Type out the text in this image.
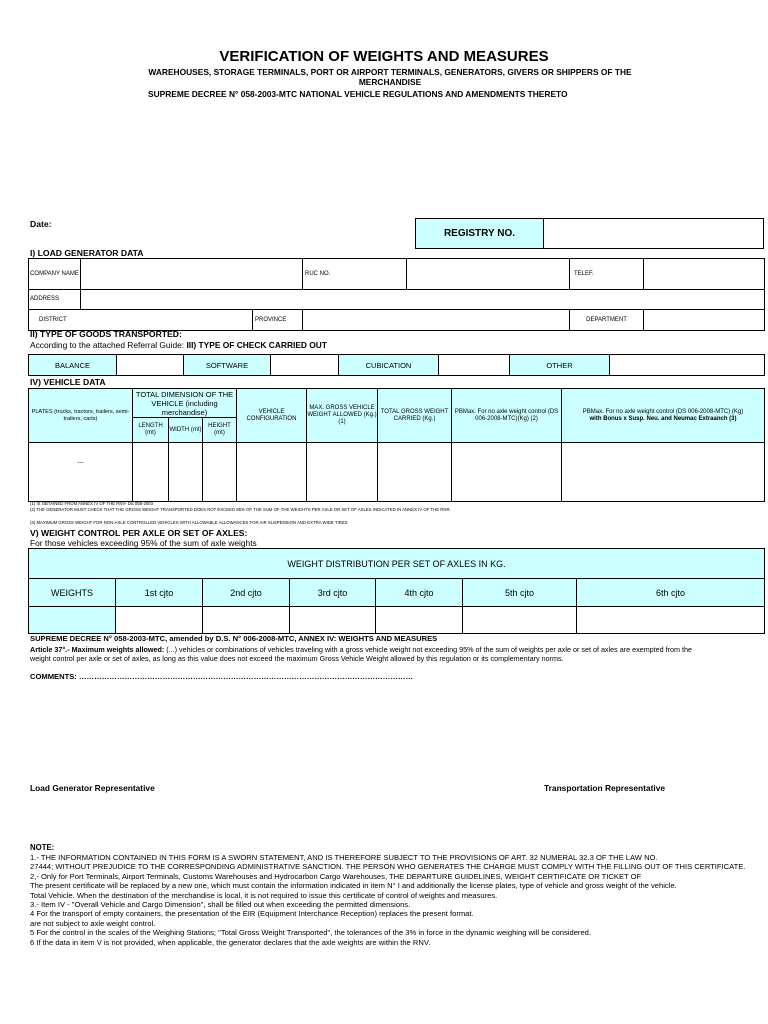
VERIFICATION OF WEIGHTS AND MEASURES
WAREHOUSES, STORAGE TERMINALS, PORT OR AIRPORT TERMINALS, GENERATORS, GIVERS OR SHIPPERS OF THE
MERCHANDISE
SUPREME DECREE N° 058-2003-MTC NATIONAL VEHICLE REGULATIONS AND AMENDMENTS THERETO
Date:
REGISTRY NO.	
I) LOAD GENERATOR DATA
COMPANY NAME			RUC NO.		TELEF.	
ADDRESS						
DISTRICT		PROVINCE			DEPARTMENT	
II) TYPE OF GOODS TRANSPORTED:
According to the attached Referral Guide: III) TYPE OF CHECK CARRIED OUT
BALANCE		SOFTWARE		CUBICATION		OTHER	
IV) VEHICLE DATA
PLATES (trucks, tractors, trailers, semi-trailers, carts)	TOTAL DIMENSION OF THE VEHICLE (including merchandise)			VEHICLE CONFIGURATION	MAX. GROSS VEHICLE WEIGHT ALLOWED (Kg.) (1)	TOTAL GROSS WEIGHT CARRIED (Kg.)	PBMax. For no axle weight control (DS 006-2008-MTC)(Kg) (2)	PBMax. For no axle weight control (DS 006-2008-MTC) (Kg)
with Bonus x Susp. Neu. and Neumac Extraanch (3)

	LENGTH (mt)	WIDTH (mt)	HEIGHT (mt)					
---								
(1) IS OBTAINED FROM ANNEX IV OF THE RNV- DS 058-2003
(2) THE GENERATOR MUST CHECK THAT THE GROSS WEIGHT TRANSPORTED DOES NOT EXCEED 95% OF THE SUM OF THE WEIGHTS PER AXLE OR SET OF AXLES INDICATED IN ANNEX IV OF THE RNR.
(3) MAXIMUM GROSS WEIGHT FOR NON-AXLE CONTROLLED VEHICLES WITH ALLOWABLE ALLOWANCES FOR AIR SUSPENSION AND EXTRA WIDE TIRES
V) WEIGHT CONTROL PER AXLE OR SET OF AXLES:
For those vehicles exceeding 95% of the sum of axle weights
WEIGHT DISTRIBUTION PER SET OF AXLES IN KG.						
WEIGHTS	1st cjto	2nd cjto	3rd cjto	4th cjto	5th cjto	6th cjto

SUPREME DECREE N° 058-2003-MTC, amended by D.S. N° 006-2008-MTC, ANNEX IV: WEIGHTS AND MEASURES
Article 37°.- Maximum weights allowed: (...) vehicles or combinations of vehicles traveling with a gross vehicle weight not exceeding 95% of the sum of weights per axle or set of axles are exempted from the
weight control per axle or set of axles, as long as this value does not exceed the maximum Gross Vehicle Weight allowed by this regulation or its complementary norms.
COMMENTS: ……………………………………………………………………………………………………………………
Load Generator Representative	Transportation Representative
NOTE:
1.- THE INFORMATION CONTAINED IN THIS FORM IS A SWORN STATEMENT, AND IS THEREFORE SUBJECT TO THE PROVISIONS OF ART. 32 NUMERAL 32.3 OF THE LAW NO.
27444; WITHOUT PREJUDICE TO THE CORRESPONDING ADMINISTRATIVE SANCTION. THE PERSON WHO GENERATES THE CHARGE MUST COMPLY WITH THE FILLING OUT OF THIS CERTIFICATE.
2,- Only for Port Terminals, Airport Terminals, Customs Warehouses and Hydrocarbon Cargo Warehouses, THE DEPARTURE GUIDELINES, WEIGHT CERTIFICATE OR TICKET OF
The present certificate will be replaced by a new one, which must contain the information indicated in item N° I and additionally the license plates, type of vehicle and gross weight of the vehicle.
Total Vehicle. When the destination of the merchandise is local, it is not required to issue this certificate of control of weights and measures.
3.- Item IV - "Overall Vehicle and Cargo Dimension", shall be filled out when exceeding the permitted dimensions.
4 For the transport of empty containers, the presentation of the EIR (Equipment Interchance Reception) replaces the present format.
are not subject to axle weight control.
5 For the control in the scales of the Weighing Stations; "Total Gross Weight Transported", the tolerances of the 3% in force in the dynamic weighing will be considered.
6 If the data in item V is not provided, when applicable, the generator declares that the axle weights are within the RNV.
